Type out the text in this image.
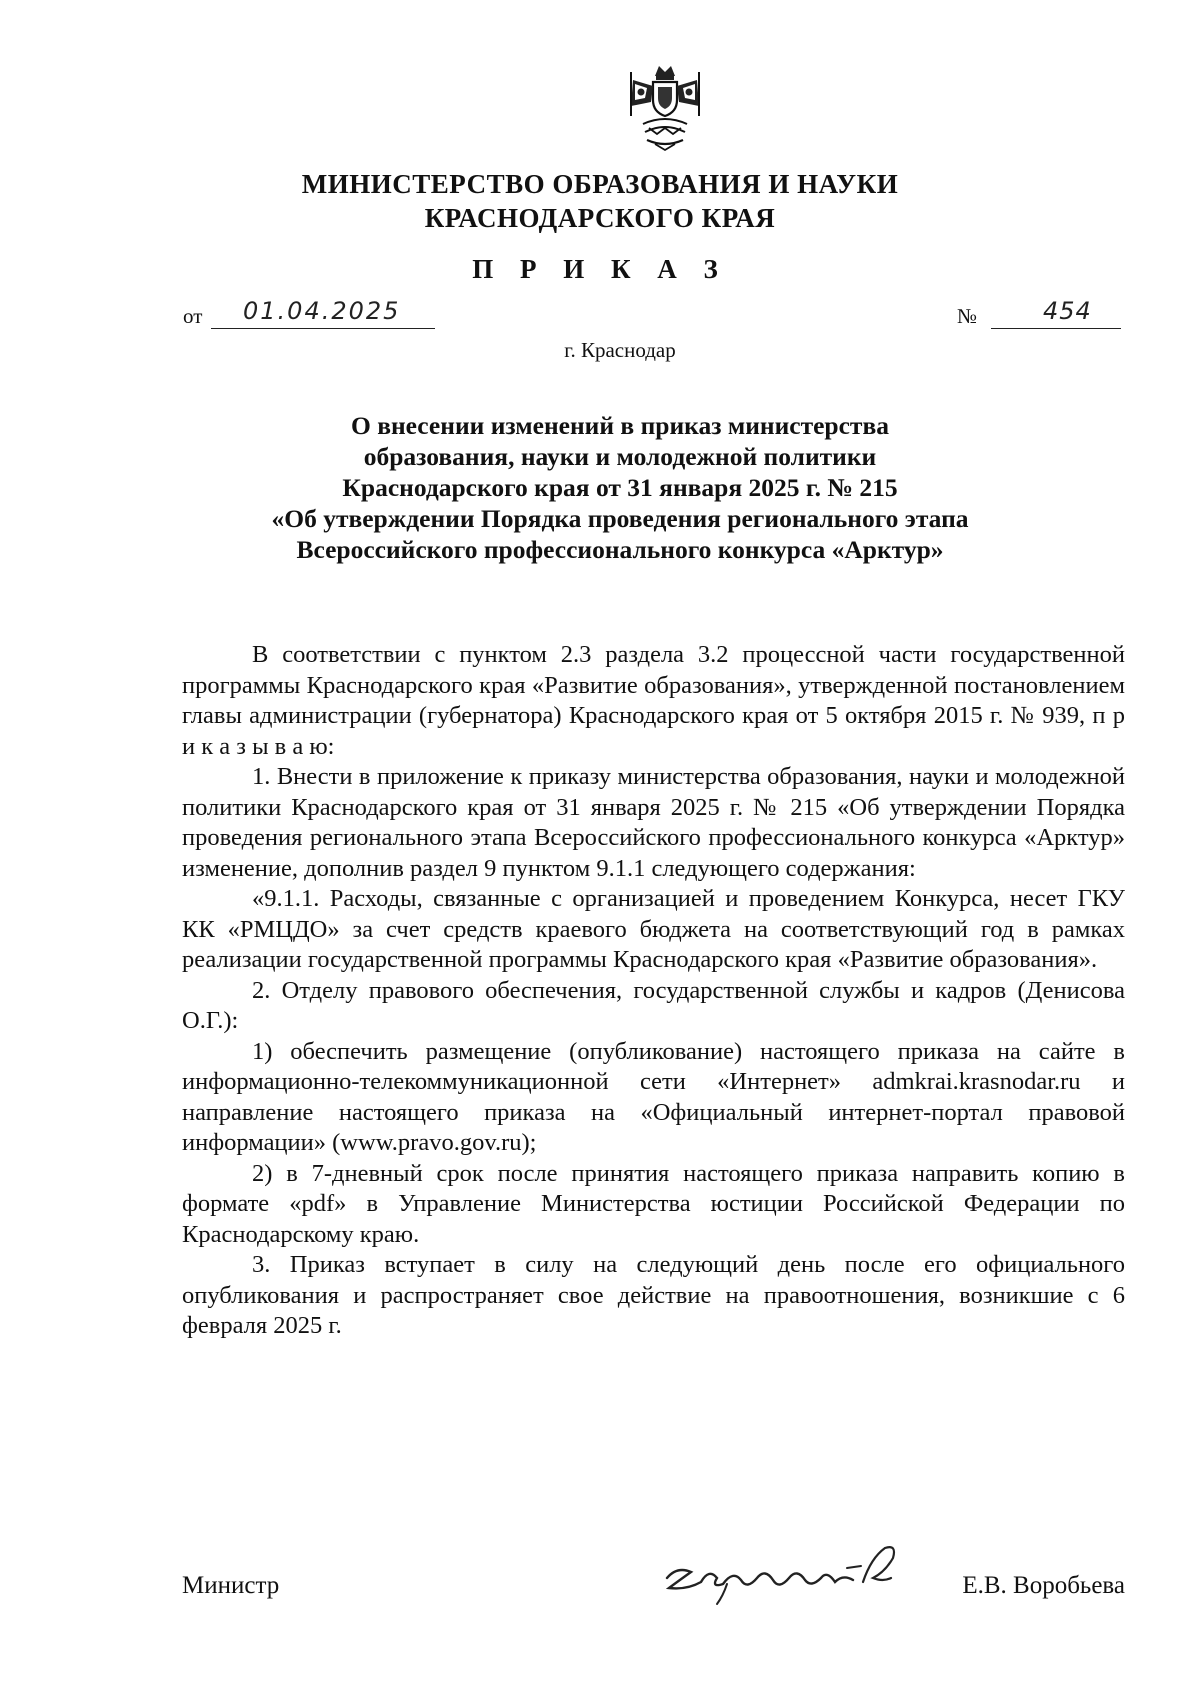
МИНИСТЕРСТВО ОБРАЗОВАНИЯ И НАУКИ
КРАСНОДАРСКОГО КРАЯ
П Р И К А З
от 01.04.2025	№	454
г. Краснодар
О внесении изменений в приказ министерства
образования, науки и молодежной политики
Краснодарского края от 31 января 2025 г. № 215
«Об утверждении Порядка проведения регионального этапа
Всероссийского профессионального конкурса «Арктур»

В соответствии с пунктом 2.3 раздела 3.2 процессной части государственной программы Краснодарского края «Развитие образования», утвержденной постановлением главы администрации (губернатора) Краснодарского края от 5 октября 2015 г. № 939, п р и к а з ы в а ю:

1. Внести в приложение к приказу министерства образования, науки и молодежной политики Краснодарского края от 31 января 2025 г. № 215 «Об утверждении Порядка проведения регионального этапа Всероссийского профессионального конкурса «Арктур» изменение, дополнив раздел 9 пунктом 9.1.1 следующего содержания:

«9.1.1. Расходы, связанные с организацией и проведением Конкурса, несет ГКУ КК «РМЦДО» за счет средств краевого бюджета на соответствующий год в рамках реализации государственной программы Краснодарского края «Развитие образования».

2. Отделу правового обеспечения, государственной службы и кадров (Денисова О.Г.):

1) обеспечить размещение (опубликование) настоящего приказа на сайте в информационно-телекоммуникационной сети «Интернет» admkrai.krasnodar.ru и направление настоящего приказа на «Официальный интернет-портал правовой информации» (www.pravo.gov.ru);

2) в 7-дневный срок после принятия настоящего приказа направить копию в формате «pdf» в Управление Министерства юстиции Российской Федерации по Краснодарскому краю.

3. Приказ вступает в силу на следующий день после его официального опубликования и распространяет свое действие на правоотношения, возникшие с 6 февраля 2025 г.

Министр	Е.В. Воробьева
